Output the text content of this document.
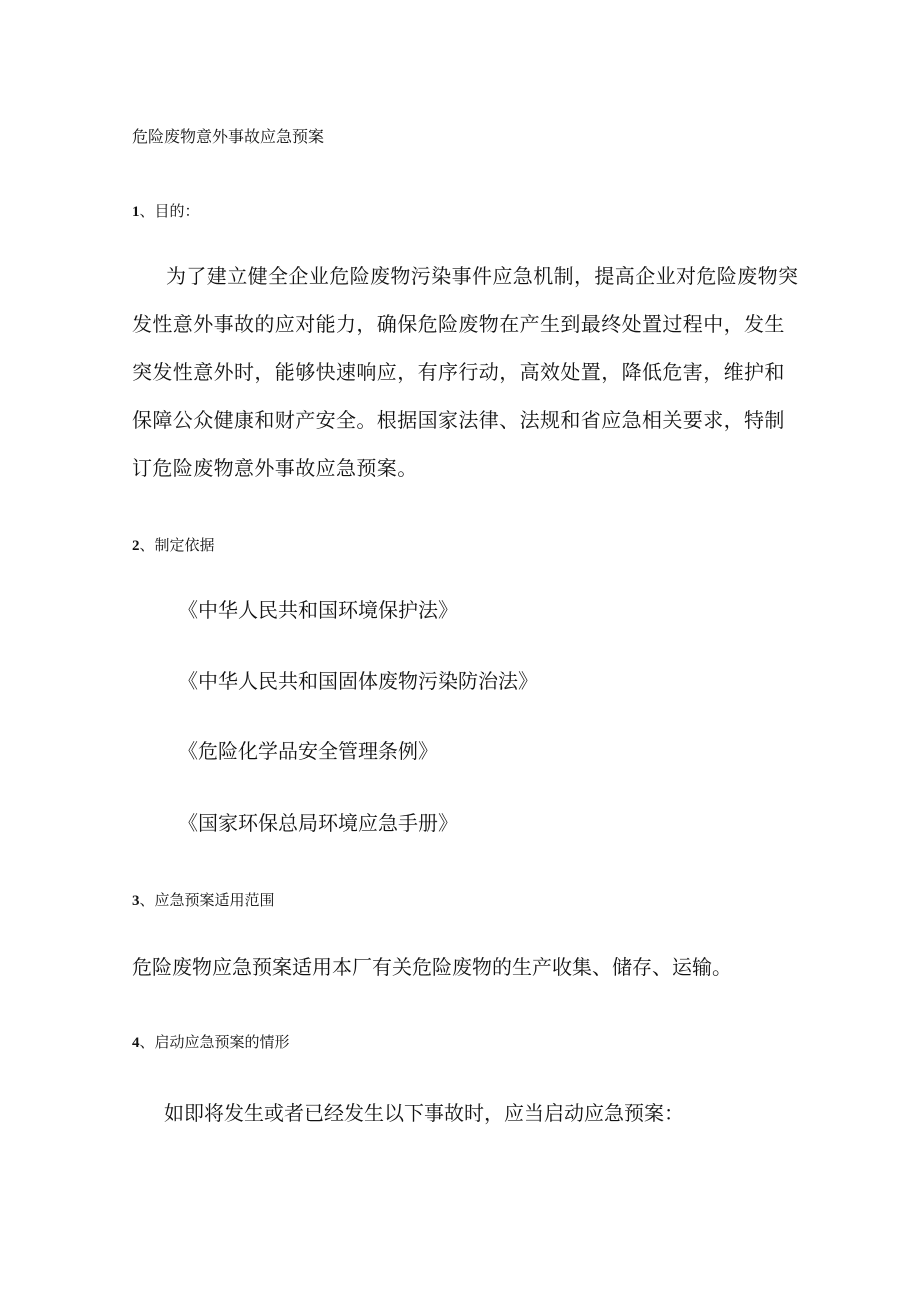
危险废物意外事故应急预案
1、目的：
为了建立健全企业危险废物污染事件应急机制，提高企业对危险废物突
发性意外事故的应对能力，确保危险废物在产生到最终处置过程中，发生
突发性意外时，能够快速响应，有序行动，高效处置，降低危害，维护和
保障公众健康和财产安全。根据国家法律、法规和省应急相关要求，特制
订危险废物意外事故应急预案。
2、制定依据
《中华人民共和国环境保护法》
《中华人民共和国固体废物污染防治法》
《危险化学品安全管理条例》
《国家环保总局环境应急手册》
3、应急预案适用范围
危险废物应急预案适用本厂有关危险废物的生产收集、储存、运输。
4、启动应急预案的情形
如即将发生或者已经发生以下事故时，应当启动应急预案：
